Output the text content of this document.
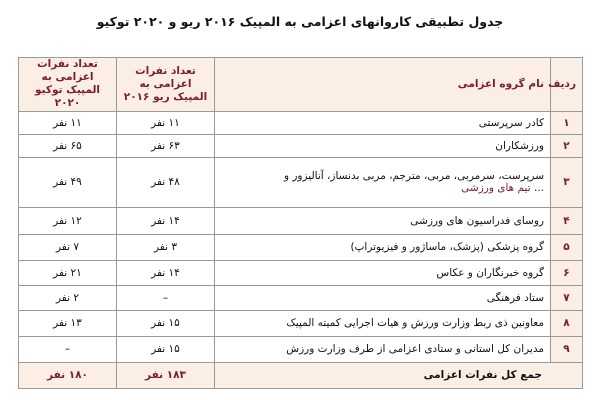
جدول تطبیقی کاروانهای اعزامی به المپیک ۲۰۱۶ ریو و ۲۰۲۰ توکیو
ردیف	نام گروه اعزامی	تعداد نفرات اعزامی به المپیک ریو ۲۰۱۶	تعداد نفرات اعزامی به المپیک توکیو ۲۰۲۰
۱	کادر سرپرستی	۱۱ نفر	۱۱ نفر
۲	ورزشکاران	۶۳ نفر	۶۵ نفر
۳	سرپرست، سرمربی، مربی، مترجم، مربی بدنساز، آنالیزور و
... تیم های ورزشی	۴۸ نفر	۴۹ نفر
۴	روسای فدراسیون های ورزشی	۱۴ نفر	۱۲ نفر
۵	گروه پزشکی (پزشک، ماساژور و فیزیوتراپ)	۳ نفر	۷ نفر
۶	گروه خبرنگاران و عکاس	۱۴ نفر	۲۱ نفر
۷	ستاد فرهنگی	–	۲ نفر
۸	معاونین ذی ربط وزارت ورزش و هیات اجرایی کمیته المپیک	۱۵ نفر	۱۳ نفر
۹	مدیران کل استانی و ستادی اعزامی از طرف وزارت ورزش	۱۵ نفر	–
جمع کل نفرات اعزامی		۱۸۳ نفر	۱۸۰ نفر
